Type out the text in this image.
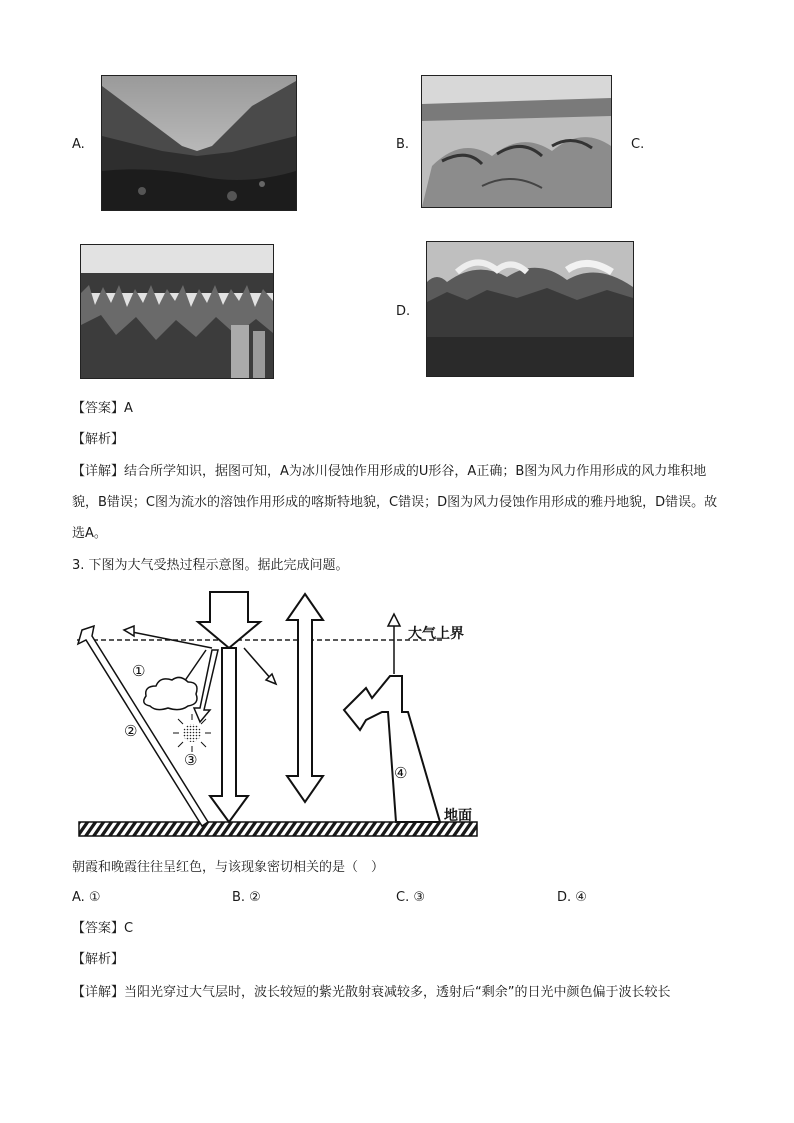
A.	B.	C.
D.
【答案】A
【解析】
【详解】结合所学知识，据图可知，A为冰川侵蚀作用形成的U形谷，A正确；B图为风力作用形成的风力堆积地貌，B错误；C图为流水的溶蚀作用形成的喀斯特地貌，C错误；D图为风力侵蚀作用形成的雅丹地貌，D错误。故选A。
3. 下图为大气受热过程示意图。据此完成问题。
大气上界
地面
①
②
③
④
朝霞和晚霞往往呈红色，与该现象密切相关的是（　）
A. ①	B. ②	C. ③	D. ④
【答案】C
【解析】
【详解】当阳光穿过大气层时，波长较短的紫光散射衰减较多，透射后“剩余”的日光中颜色偏于波长较长
